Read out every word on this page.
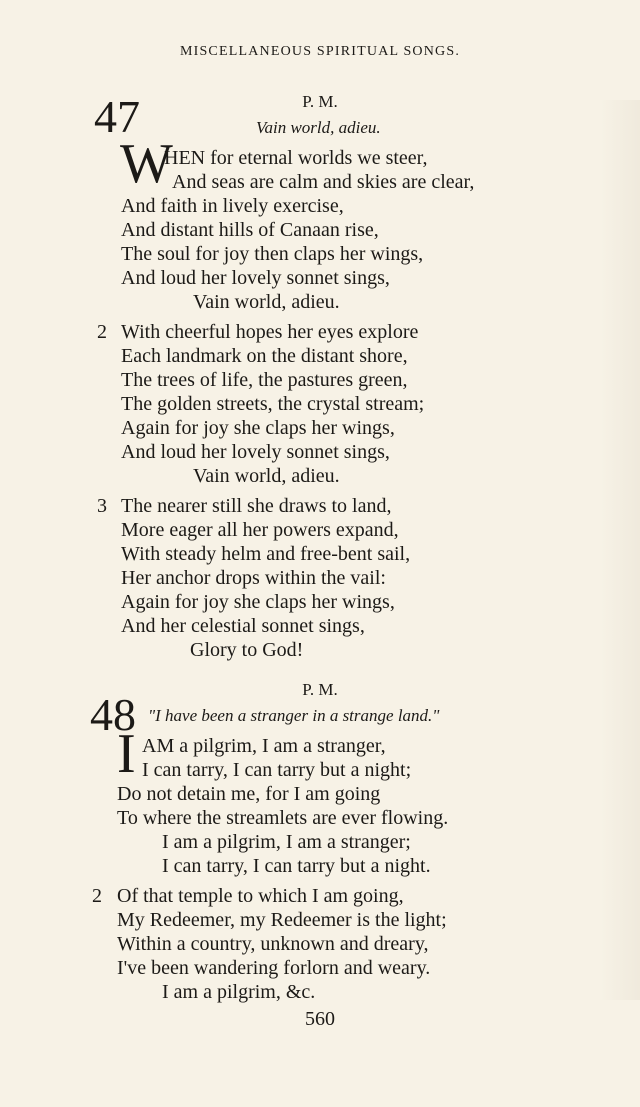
MISCELLANEOUS SPIRITUAL SONGS.
47	P. M.
Vain world, adieu.
W
HEN for eternal worlds we steer,
And seas are calm and skies are clear,
And faith in lively exercise,
And distant hills of Canaan rise,
The soul for joy then claps her wings,
And loud her lovely sonnet sings,
Vain world, adieu.
2 With cheerful hopes her eyes explore
Each landmark on the distant shore,
The trees of life, the pastures green,
The golden streets, the crystal stream;
Again for joy she claps her wings,
And loud her lovely sonnet sings,
Vain world, adieu.
3 The nearer still she draws to land,
More eager all her powers expand,
With steady helm and free-bent sail,
Her anchor drops within the vail:
Again for joy she claps her wings,
And her celestial sonnet sings,
Glory to God!
48	P. M.
"I have been a stranger in a strange land."
I AM a pilgrim, I am a stranger,
I can tarry, I can tarry but a night;
Do not detain me, for I am going
To where the streamlets are ever flowing.
I am a pilgrim, I am a stranger;
I can tarry, I can tarry but a night.
2 Of that temple to which I am going,
My Redeemer, my Redeemer is the light;
Within a country, unknown and dreary,
I've been wandering forlorn and weary.
I am a pilgrim, &c.
560
